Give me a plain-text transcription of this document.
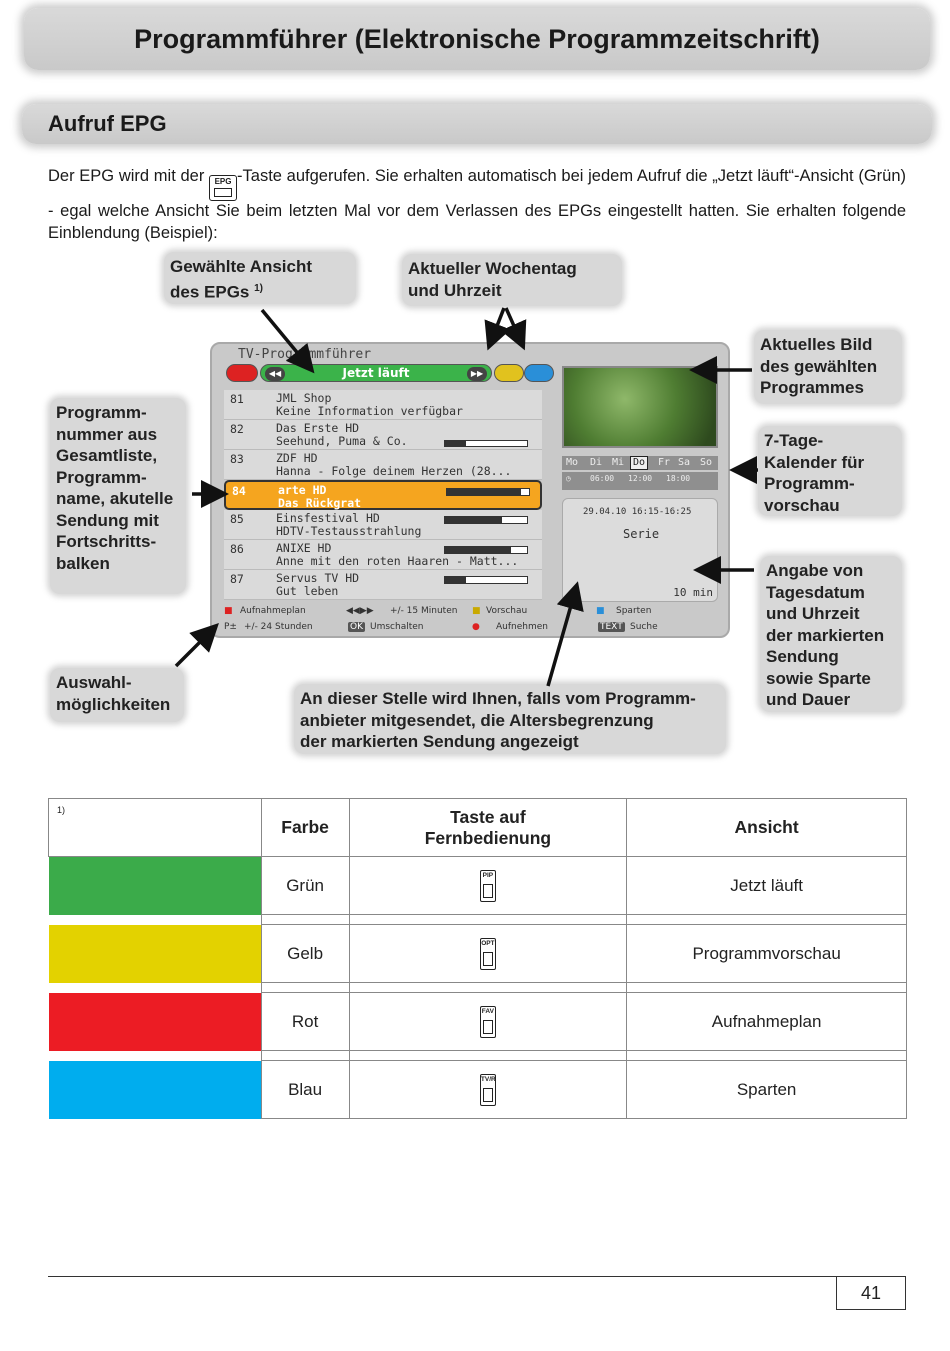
Programmführer (Elektronische Programmzeitschrift)
Aufruf EPG

Der EPG wird mit der EPG -Taste aufgerufen. Sie erhalten automatisch bei jedem Aufruf die „Jetzt läuft“-Ansicht (Grün) - egal welche Ansicht Sie beim letzten Mal vor dem Verlassen des EPGs eingestellt hatten. Sie erhalten folgende Einblendung (Beispiel):

Gewählte Ansicht
des EPGs $^{1)}$
Aktueller Wochentag
und Uhrzeit
Aktuelles Bild
des gewählten
Programmes
7-Tage-
Kalender für
Programm-
vorschau
Programm-
nummer aus
Gesamtliste,
Programm-
name, akutelle
Sendung mit
Fortschritts-
balken	Angabe von
Tagesdatum
und Uhrzeit
der markierten
Sendung
sowie Sparte
und Dauer
Auswahl-
möglichkeiten	An dieser Stelle wird Ihnen, falls vom Programm-
anbieter mitgesendet, die Altersbegrenzung
der markierten Sendung angezeigt
TV-Programmführer
◀◀	Jetzt läuft	▶▶
81	JML Shop
Keine Information verfügbar
82	Das Erste HD
Seehund, Puma & Co.
83	ZDF HD
Hanna - Folge deinem Herzen (28...
84	arte HD
Das Rückgrat
85	Einsfestival HD
HDTV-Testausstrahlung
86	ANIXE HD
Anne mit den roten Haaren - Matt...
87	Servus TV HD
Gut leben
Mo Di Mi Do	Fr Sa So
◷ 06:00 12:00 18:00
29.04.10 16:15-16:25
Serie
10 min
■ Aufnahmeplan	◀◀▶▶ +/- 15 Minuten ■ Vorschau	■ Sparten
P± +/- 24 Stunden	OK Umschalten	● Aufnehmen	TEXT Suche
1)	Farbe	Taste auf
Fernbedienung	Ansicht
	Grün	PIP	Jetzt läuft

	Gelb	OPT	Programmvorschau

	Rot	FAV	Aufnahmeplan

	Blau	TV/R	Sparten
41
